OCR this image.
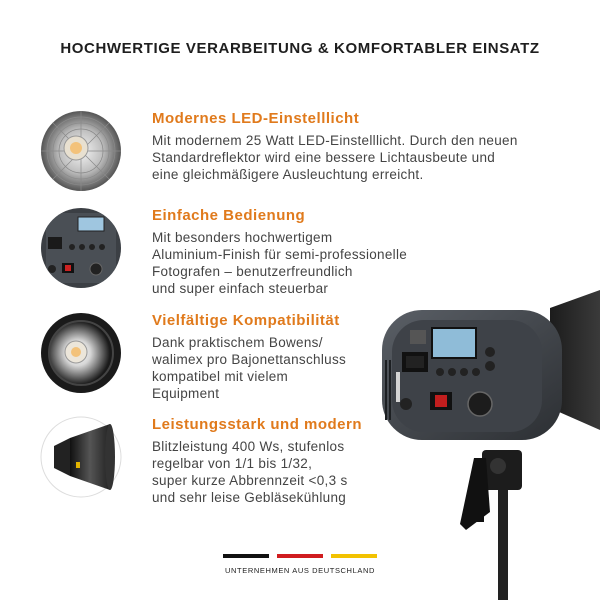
HOCHWERTIGE VERARBEITUNG & KOMFORTABLER EINSATZ
Modernes LED-Einstelllicht
Mit modernem 25 Watt LED-Einstelllicht. Durch den neuen
Standardreflektor wird eine bessere Lichtausbeute und
eine gleichmäßigere Ausleuchtung erreicht.
Einfache Bedienung
Mit besonders hochwertigem
Aluminium-Finish für semi-professionelle
Fotografen – benutzerfreundlich
und super einfach steuerbar
Vielfältige Kompatibilität
Dank praktischem Bowens/
walimex pro Bajonettanschluss
kompatibel mit vielem
Equipment
Leistungsstark und modern
Blitzleistung 400 Ws, stufenlos
regelbar von 1/1 bis 1/32,
super kurze Abbrennzeit <0,3 s
und sehr leise Gebläsekühlung
UNTERNEHMEN AUS DEUTSCHLAND
